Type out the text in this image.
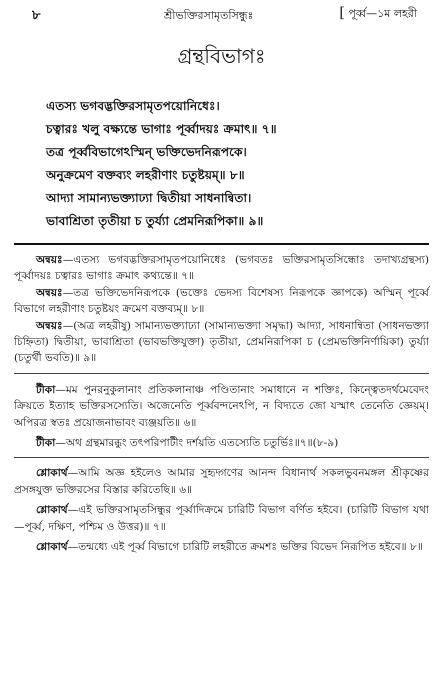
৮	শ্রীভক্তিরসামৃতসিন্ধুঃ	[ পূর্ব্ব—১ম লহরী
গ্রন্থবিভাগঃ
এতস্য ভগবদ্ভক্তিরসামৃতপয়োনিধেঃ।
চত্বারঃ খলু বক্ষ্যন্তে ভাগাঃ পূর্ব্বাদয়ঃ ক্রমাৎ॥ ৭॥
তত্র পূর্ব্ববিভাগেঽস্মিন্ ভক্তিভেদনিরূপকে।
অনুক্রমেণ বক্তব্যং লহরীণাং চতুষ্টয়ম্॥ ৮॥
আদ্যা সামান্যভক্ত্যাঢ্যা দ্বিতীয়া সাধনান্বিতা।
ভাবাশ্রিতা তৃতীয়া চ তুর্য্যা প্রেমনিরূপিকা॥ ৯॥

অন্বয়ঃ—এতস্য ভগবদ্ভক্তিরসামৃতপয়োনিধেঃ (ভগবতঃ ভক্তিরসামৃতসিন্ধোঃ তদাখ্যগ্রন্থস্য) পূর্ব্বাদয়ঃ চত্বারঃ ভাগাঃ ক্রমাৎ কথ্যন্তে॥ ৭॥

অন্বয়ঃ—তত্র ভক্তিভেদনিরূপকে (ভক্তেঃ ভেদস্য বিশেষস্য নিরূপকে জ্ঞাপকে) অস্মিন্ পূর্ব্বে বিভাগে লহরীণাং চতুষ্টয়ং ক্রমেণ বক্তব্যম্॥ ৮॥

অন্বয়ঃ—(অত্র লহরীষু) সামান্যভক্ত্যাঢ্যা (সামান্যভক্ত্যা সমৃদ্ধা) আদ্যা, সাধনান্বিতা (সাধনভক্ত্যা চিহ্নিতা) দ্বিতীয়া, ভাবাশ্রিতা (ভাবভক্তিযুক্তা) তৃতীয়া, প্রেমনিরূপিকা চ (প্রেমভক্তিনির্ণায়িকা) তুর্য্যা (চতুর্থী ভবতি)॥ ৯॥

টীকা—মম পুনরনুকুলানাং প্রতিকলানাঞ্চ পণ্ডিতানাং সমাধানে ন শক্তিঃ, কিন্ত্বেতদর্থমেবেদং ক্রিয়তে ইত্যাহ ভক্তিরসস্যেতি। অজেনেতি পূর্ব্ববন্দনেঽপি, ন বিদ্যতে জো যস্মাৎ তেনেতি জ্ঞেয়ম্। অপিরত্র স্বতঃ প্রয়োজনাভাবং ব্যঞ্জয়তি॥ ৬॥

টীকা—অথ গ্রন্থমারব্ধুং তৎপরিপাটীং দর্শয়তি এতস্যেতি চতুর্ভিঃ॥৭॥(৮-৯)

শ্লোকার্থ—আমি অজ্ঞ হইলেও আমার সুহৃদ্গণের আনন্দ বিধানার্থ সকলভুবনমঙ্গল শ্রীকৃষ্ণের প্রসঙ্গযুক্ত ভক্তিরসের বিস্তার করিতেছি॥ ৬॥

শ্লোকার্থ—এই ভক্তিরসামৃতসিন্ধুর পূর্ব্বাদিক্রমে চারিটি বিভাগ বর্ণিত হইবে। (চারিটি বিভাগ যথা—পূর্ব্ব, দক্ষিণ, পশ্চিম ও উত্তর)॥ ৭॥

শ্লোকার্থ—তন্মধ্যে এই পূর্ব্ব বিভাগে চারিটি লহরীতে ক্রমশঃ ভক্তির বিভেদ নিরূপিত হইবে॥ ৮॥
